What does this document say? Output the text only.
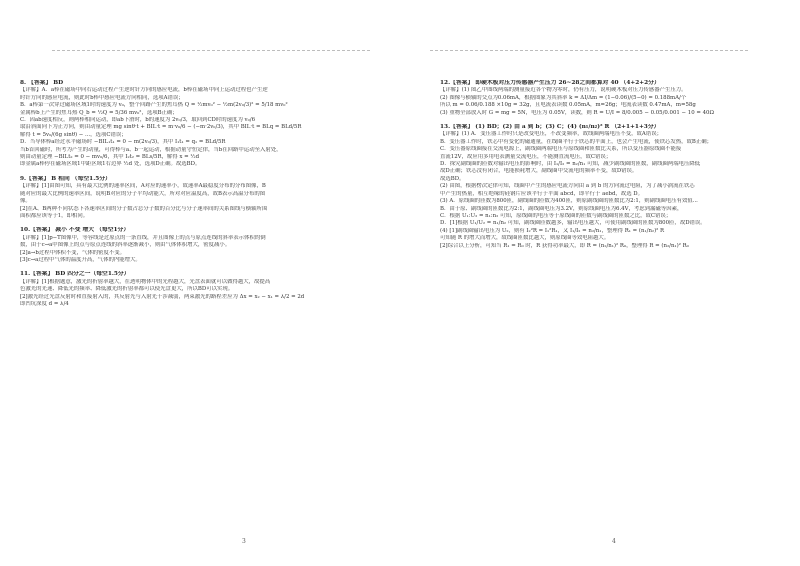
8. 【答案】 BD
【详解】A．a棒在磁场中向右运动过程产生逆时针方向的感应电流，b棒在磁场中向上运动过程也产生逆
时针方向的感应电流，则此时b棒中感应电流方向相同，选项A错误；
B．a棒第一次穿过磁场区域1时的速度为 v₀，整个回路产生的焦耳热 Q = ½mv₀² − ½m(2v₀/3)² = 5/18 mv₀²
金属棒b上产生的焦耳热 Q_b = ½Q = 5/36 mv₀²，选项B正确；
C．因ab速度相反，则两棒相向运动，即ab下滑时，b的速度为 2v₀/3，取回到CD时的速度为 v₀/6
取沿斜面向下为正方向，则由动量定理 mg sinθ·t + B̄IL·t = m·v₀/6 − (−m·2v₀/3)，其中 B̄IL·t = BLq = BLd/5R
解得 t = 5v₀/(6g sinθ) − ...，选项C错误；
D．当导体棒a经过永平磁场时 −B̄IL₁t₁ = 0 − m(2v₀/3)，其中 Ī₁t₁ = q₁ = BLd/5R
当b首回磁时，所考为产生的动量，可得棒与a、b一起运动，根据动量守恒定律，当b在回路中运动至入射处，
则由动量定理 −B̄ILt₂ = 0 − mv₀/6，其中 Ī₂t₂ = BLs/5R，解得 x = ½d
即金属a棒停在磁场区域1中距区域1右边界 ½d 处，选项D正确。故选BD。
9.【答案】 B 相同 （每空1.5分）
【详解】[1]由图可知，具有最大比例的速率区间，A对应的速率小，故速率A最稳度分布的分布图像，B
随对应的最大比例的速率区间，说明B对应的分子平均动能大，所对对应温度高，故B表示高温分布的图
像。
[2]在A、B两种不同状态下各速率区间的分子数占总分子数的百分比与分子速率间的关系图线与横轴所围
面积都应该等于1，即相同。
10.【答案】 减小 不变 增大 （每空1分）
【详解】[1]p−T图像中，等容线是过原点的一条直线，并且图像上的点与原点连线的斜率表示体积的倒
数，由于c→a中图像上的点与原点连线的斜率逐渐减小，则由气体体积增大，密度减小。
[2]a→b过程中体积不变，气体的密度不变。
[3]c→a过程中气体的温度升高，气体的内能增大。
11.【答案】 BD 四分之一（每空1.5分）
【详解】[1]根据题意，激光的折射率越大，在透明物体中的光程越大，光盘表面就可以做得越大，故提高
色激光的光速、降低光的频率、降低激光的折射率都可以使光盘更大，所以BD可以实现。
[2]激光经过光盘反射时和直接射入的，其反射光与入射光干涉减弱，两束激光的路程差应为 Δx = x₂ − x₁ = λ/2 = 2d
即凹坑深度 d = λ/4
12.【答案】 即硬木板对压力传感器产生压力 26~28之间都算对 40 （4+2+2分）
【详解】(1) 图乙中图线两端的测量接近各个物为零时，仍有压力，说明硬木板对压力传感器产生压力。
(2) 图像与横轴的交点为0.06mA，根据图象为其斜率 k = ΔI/Δm = (1−0.06)/(5−0) = 0.188mA/个
所以 m = 0.06/0.188 ×10g = 32g，且电流表读数 0.05mA，m=26g；电流表读数 0.47mA，m=58g
(3) 重物全部放入时 G = mg = 5N，电压为 0.05V，读数，则 R = U/I = 8/0.005 − 0.05/0.001 − 10 = 40Ω
13.【答案】 (1) BD；(2) 由 a 到 b；(3) C；(4) (n₁/n₂)² R （2+1+1+3分）
【详解】(1) A．变压器工作时只是改变电压，不改变频率，故线圈两端电压不变，故A错误；
B．变压器工作时，铁芯中有变化的磁通量，在线圈平行于铁芯的平面上，也会产生电流，使铁芯发热，故B正确；
C．变压器原线圈接在交流电源上，副线圈两端电压与原线圈和匝数比关系，所以变压器原线圈不能接
直流12V，故应用多用电表测量交流电压，不能测直流电压，故C错误；
D．探究副线圈的匝数对输出电压的影响时，由 I₁/I₂ = n₂/n₁ 可知，减少副线圈的匝数，副线圈两端电压降低
故D正确；铁芯没有闭合，电能损耗增大，副线圈中交流电的频率不变，故D错误。
故选BD。
(2) 由图，根据楞次定律可知，线圈中产生的感应电流方向由 a 到 b 的方向流过电阻，为了减小涡流在铁芯
中产生的热量，相互绝缘的硅钢片应该平行于平面 abcd，即平行于 aebd，故选 D。
(3) A．原线圈的匝数为800匝，副线圈的匝数为400匝，则原副线圈的匝数比为2:1，则副线圈电压有效值...
B．由于原、副线圈的匝数比为2:1，副线圈电压为3.2V，则原线圈电压为6.4V，考虑到漏磁等因素，
C．根据 U₁:U₂ = n₁:n₂ 可知，原线圈的电压等于原线圈的匝数与副线圈的匝数之比，故C错误；
D．[1]根据 U₁/U₂ = n₁/n₂ 可知，副线圈匝数越多，输出电压越大，可使用副线圈的匝数为800匝，故D错误。
(4) [1]副线圈输出电压为 U₂，则有 I₂²R = I₁²R₁，又 I₁/I₂ = n₂/n₁，整理得 R₁ = (n₁/n₂)² R
可知随 R 的增大而增大，故线圈匝数比越大，则原线圈等效电阻越大。
[2]综合以上分析，可知当 R₁ = R₀ 时，R 获得功率最大，即 R = (n₂/n₁)² R₀，整理得 R = (n₂/n₁)² R₀
3	4
